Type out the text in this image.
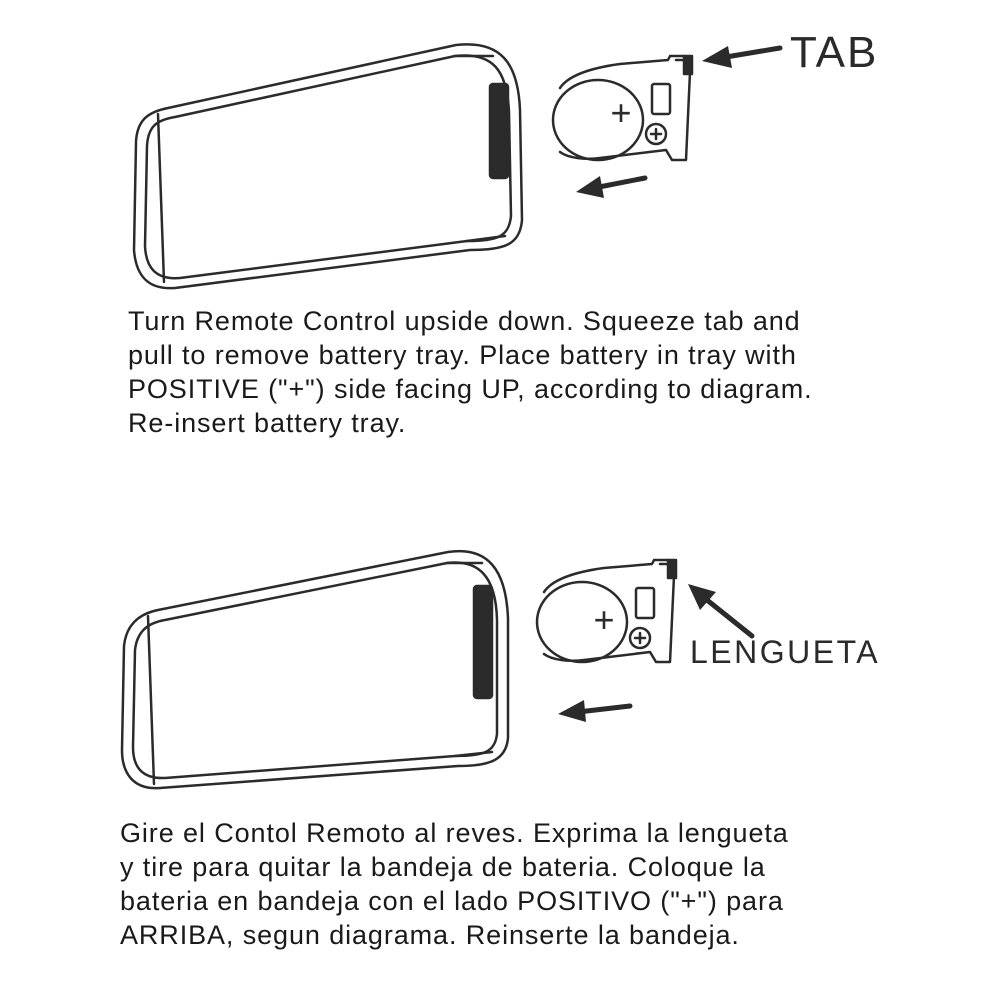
+
TAB

Turn Remote Control upside down. Squeeze tab and
pull to remove battery tray. Place battery in tray with
POSITIVE ("+") side facing UP, according to diagram.
Re-insert battery tray.

+
LENGUETA

Gire el Contol Remoto al reves. Exprima la lengueta
y tire para quitar la bandeja de bateria. Coloque la
bateria en bandeja con el lado POSITIVO ("+") para
ARRIBA, segun diagrama. Reinserte la bandeja.
